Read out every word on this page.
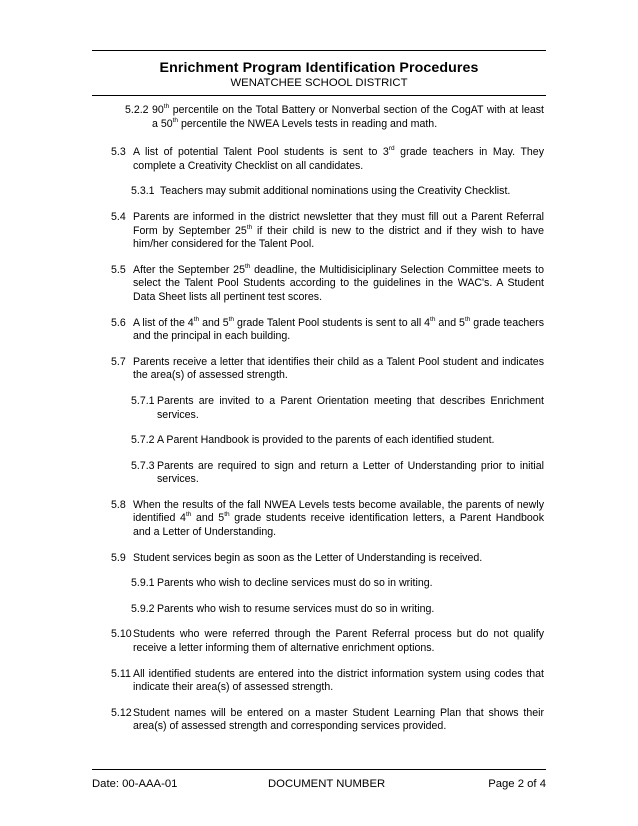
Enrichment Program Identification Procedures
WENATCHEE SCHOOL DISTRICT
5.2.2 90th percentile on the Total Battery or Nonverbal section of the CogAT with at least a 50th percentile the NWEA Levels tests in reading and math.
5.3 A list of potential Talent Pool students is sent to 3rd grade teachers in May. They complete a Creativity Checklist on all candidates.
5.3.1 Teachers may submit additional nominations using the Creativity Checklist.
5.4 Parents are informed in the district newsletter that they must fill out a Parent Referral Form by September 25th if their child is new to the district and if they wish to have him/her considered for the Talent Pool.
5.5 After the September 25th deadline, the Multidisiciplinary Selection Committee meets to select the Talent Pool Students according to the guidelines in the WAC's. A Student Data Sheet lists all pertinent test scores.
5.6 A list of the 4th and 5th grade Talent Pool students is sent to all 4th and 5th grade teachers and the principal in each building.
5.7 Parents receive a letter that identifies their child as a Talent Pool student and indicates the area(s) of assessed strength.
5.7.1 Parents are invited to a Parent Orientation meeting that describes Enrichment services.
5.7.2 A Parent Handbook is provided to the parents of each identified student.
5.7.3 Parents are required to sign and return a Letter of Understanding prior to initial services.
5.8 When the results of the fall NWEA Levels tests become available, the parents of newly identified 4th and 5th grade students receive identification letters, a Parent Handbook and a Letter of Understanding.
5.9 Student services begin as soon as the Letter of Understanding is received.
5.9.1 Parents who wish to decline services must do so in writing.
5.9.2 Parents who wish to resume services must do so in writing.
5.10 Students who were referred through the Parent Referral process but do not qualify receive a letter informing them of alternative enrichment options.
5.11 All identified students are entered into the district information system using codes that indicate their area(s) of assessed strength.
5.12 Student names will be entered on a master Student Learning Plan that shows their area(s) of assessed strength and corresponding services provided.
Date: 00-AAA-01	DOCUMENT NUMBER	Page 2 of 4
